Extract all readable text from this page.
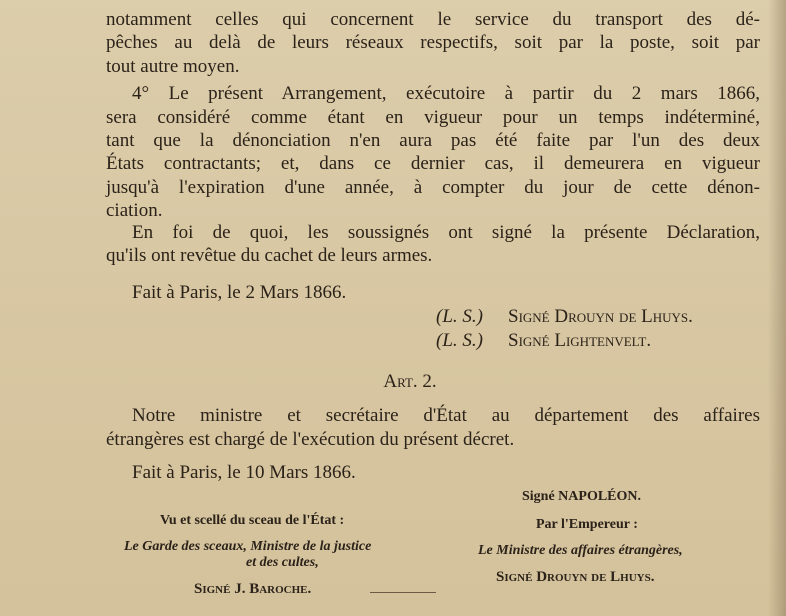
notamment celles qui concernent le service du transport des dé-
pêches au delà de leurs réseaux respectifs, soit par la poste, soit par
tout autre moyen.
4° Le présent Arrangement, exécutoire à partir du 2 mars 1866,
sera considéré comme étant en vigueur pour un temps indéterminé,
tant que la dénonciation n'en aura pas été faite par l'un des deux
États contractants; et, dans ce dernier cas, il demeurera en vigueur
jusqu'à l'expiration d'une année, à compter du jour de cette dénon-
ciation.
En foi de quoi, les soussignés ont signé la présente Déclaration,
qu'ils ont revêtue du cachet de leurs armes.
Fait à Paris, le 2 Mars 1866.
(L. S.)	Signé Drouyn de Lhuys.
(L. S.)	Signé Lightenvelt.
Art. 2.
Notre ministre et secrétaire d'État au département des affaires
étrangères est chargé de l'exécution du présent décret.
Fait à Paris, le 10 Mars 1866.
Signé NAPOLÉON.
Vu et scellé du sceau de l'État :	Par l'Empereur :
Le Garde des sceaux, Ministre de la justice
et des cultes,
Le Ministre des affaires étrangères,
Signé Drouyn de Lhuys.
Signé J. Baroche.
